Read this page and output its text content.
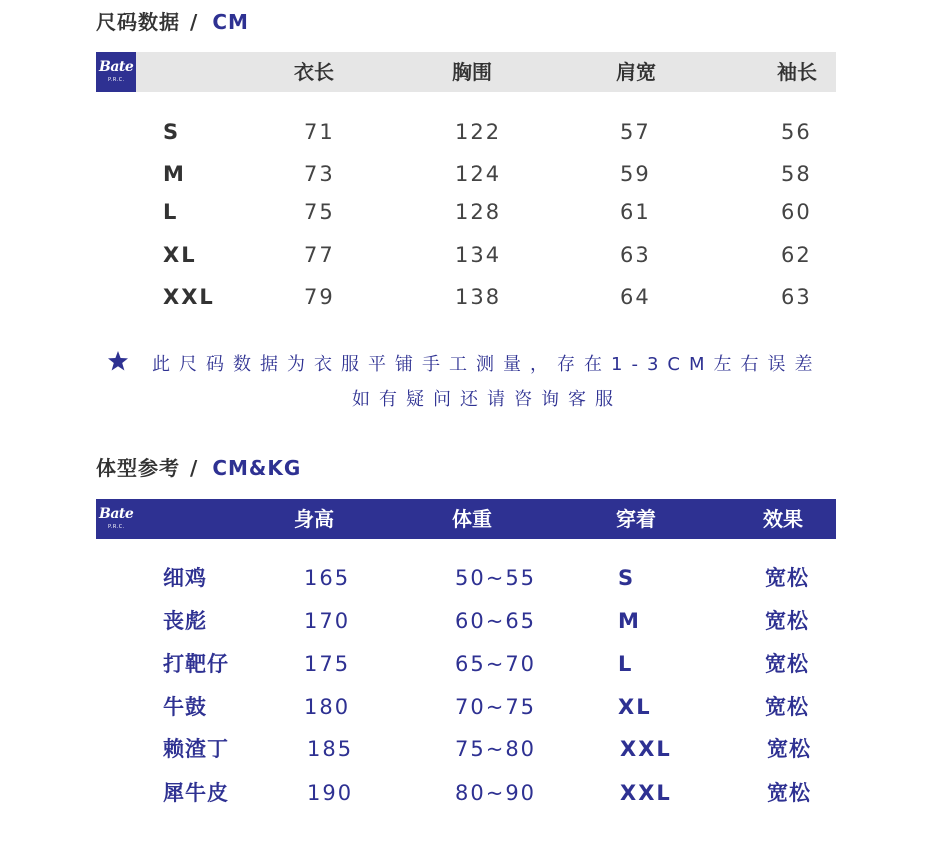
尺码数据 / CM
Bate
P.R.C.	衣长	胸围	肩宽	袖长
S	71	122	57	56
M	73	124	59	58
L	75	128	61	60
XL	77	134	63	62
XXL	79	138	64	63
此尺码数据为衣服平铺手工测量，存在1-3CM左右误差
如有疑问还请咨询客服
体型参考 / CM&KG
Bate
P.R.C.	身高	体重	穿着	效果
细鸡	165	50~55	S	宽松
丧彪	170	60~65	M	宽松
打靶仔	175	65~70	L	宽松
牛鼓	180	70~75	XL	宽松
赖渣丁	185	75~80	XXL	宽松
犀牛皮	190	80~90	XXL	宽松
